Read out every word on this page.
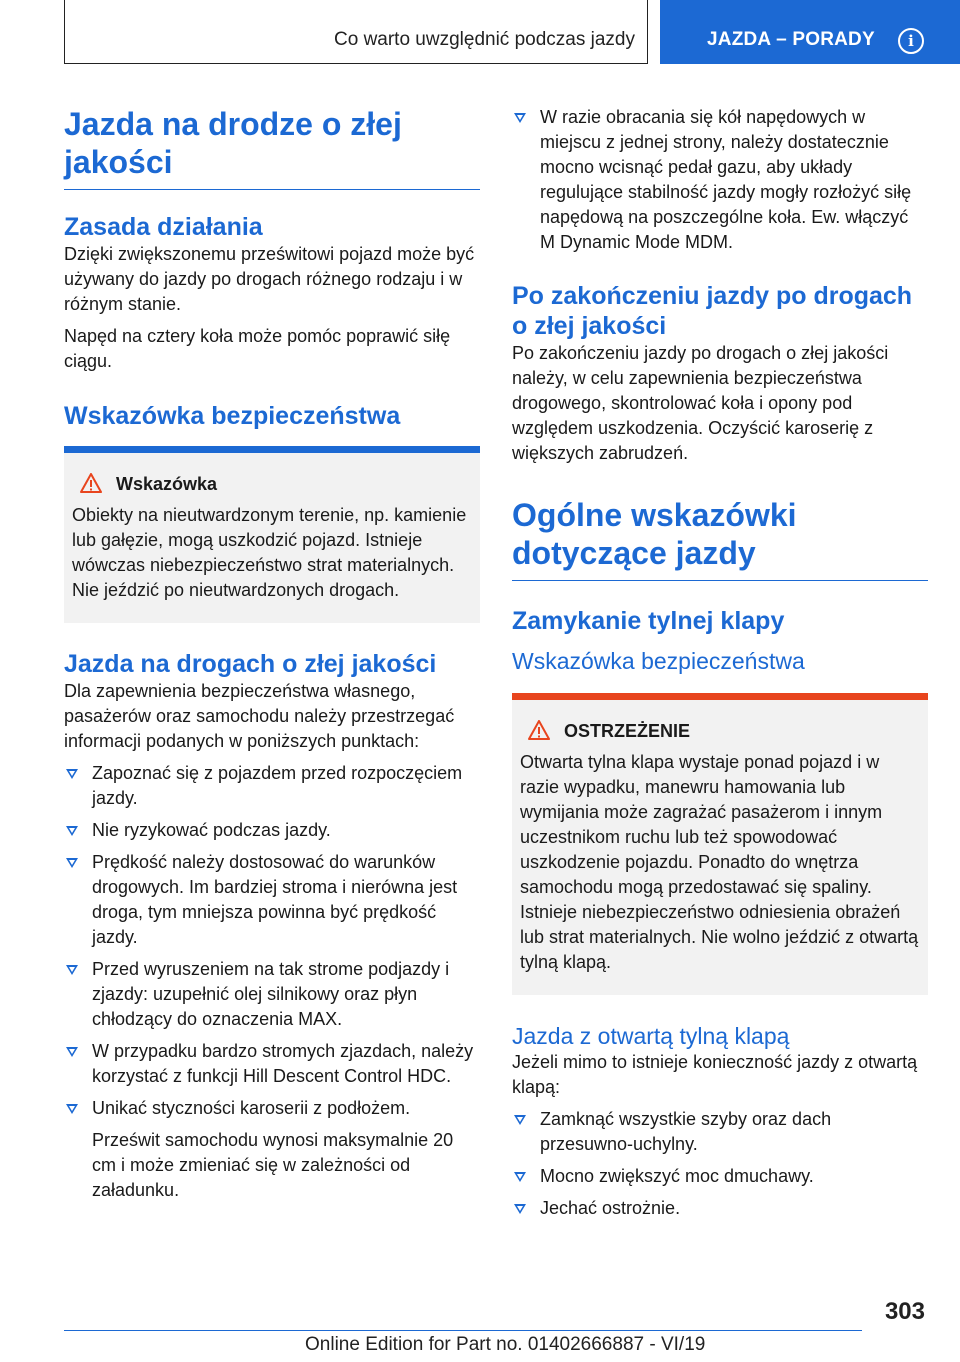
Co warto uwzględnić podczas jazdy	JAZDA – PORADY	i
Jazda na drodze o złej jakości
Zasada działania

Dzięki zwiększonemu prześwitowi pojazd może być używany do jazdy po drogach różnego rodzaju i w różnym stanie.

Napęd na cztery koła może pomóc poprawić siłę ciągu.

Wskazówka bezpieczeństwa
Wskazówka

Obiekty na nieutwardzonym terenie, np. kamienie lub gałęzie, mogą uszkodzić pojazd. Istnieje wówczas niebezpieczeństwo strat materialnych. Nie jeździć po nieutwardzonych drogach.

Jazda na drogach o złej jakości

Dla zapewnienia bezpieczeństwa własnego, pasażerów oraz samochodu należy przestrzegać informacji podanych w poniższych punktach:

Zapoznać się z pojazdem przed rozpoczęciem jazdy.
Nie ryzykować podczas jazdy.
Prędkość należy dostosować do warunków drogowych. Im bardziej stroma i nierówna jest droga, tym mniejsza powinna być prędkość jazdy.
Przed wyruszeniem na tak strome podjazdy i zjazdy: uzupełnić olej silnikowy oraz płyn chłodzący do oznaczenia MAX.
W przypadku bardzo stromych zjazdach, należy korzystać z funkcji Hill Descent Control HDC.
Unikać styczności karoserii z podłożem.

Prześwit samochodu wynosi maksymalnie 20 cm i może zmieniać się w zależności od załadunku.

W razie obracania się kół napędowych w miejscu z jednej strony, należy dostatecznie mocno wcisnąć pedał gazu, aby układy regulujące stabilność jazdy mogły rozłożyć siłę napędową na poszczególne koła. Ew. włączyć M Dynamic Mode MDM.
Po zakończeniu jazdy po drogach o złej jakości

Po zakończeniu jazdy po drogach o złej jakości należy, w celu zapewnienia bezpieczeństwa drogowego, skontrolować koła i opony pod względem uszkodzenia. Oczyścić karoserię z większych zabrudzeń.

Ogólne wskazówki dotyczące jazdy
Zamykanie tylnej klapy
Wskazówka bezpieczeństwa
OSTRZEŻENIE

Otwarta tylna klapa wystaje ponad pojazd i w razie wypadku, manewru hamowania lub wymijania może zagrażać pasażerom i innym uczestnikom ruchu lub też spowodować uszkodzenie pojazdu. Ponadto do wnętrza samochodu mogą przedostawać się spaliny. Istnieje niebezpieczeństwo odniesienia obrażeń lub strat materialnych. Nie wolno jeździć z otwartą tylną klapą.

Jazda z otwartą tylną klapą

Jeżeli mimo to istnieje konieczność jazdy z otwartą klapą:

Zamknąć wszystkie szyby oraz dach przesuwno-uchylny.
Mocno zwiększyć moc dmuchawy.
Jechać ostrożnie.
303
Online Edition for Part no. 01402666887 - VI/19
